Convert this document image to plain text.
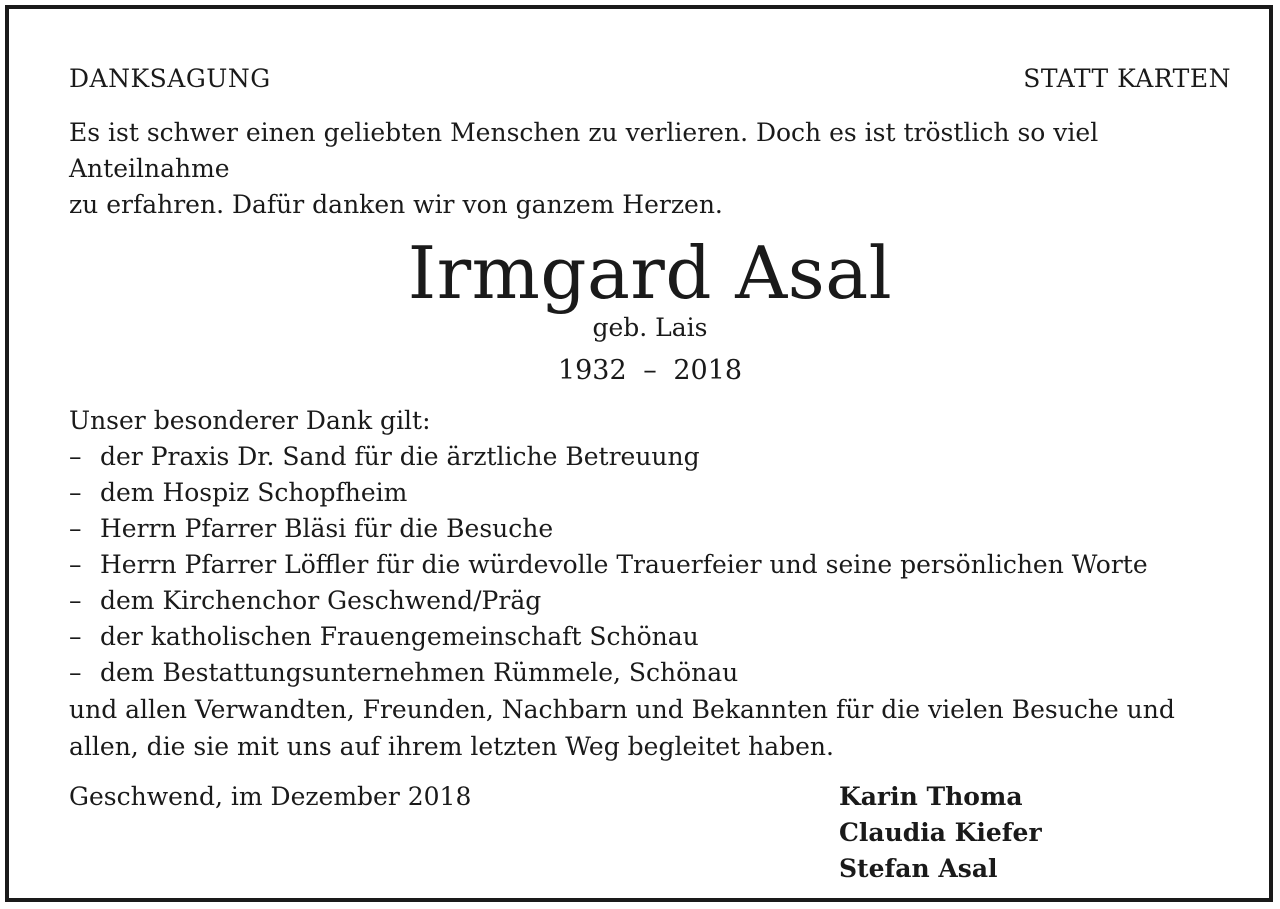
DANKSAGUNG	STATT KARTEN
Es ist schwer einen geliebten Menschen zu verlieren. Doch es ist tröstlich so viel Anteilnahme
zu erfahren. Dafür danken wir von ganzem Herzen.
Irmgard Asal
geb. Lais
1932 – 2018
Unser besonderer Dank gilt:
– der Praxis Dr. Sand für die ärztliche Betreuung
– dem Hospiz Schopfheim
– Herrn Pfarrer Bläsi für die Besuche
– Herrn Pfarrer Löffler für die würdevolle Trauerfeier und seine persönlichen Worte
– dem Kirchenchor Geschwend/Präg
– der katholischen Frauengemeinschaft Schönau
– dem Bestattungsunternehmen Rümmele, Schönau
und allen Verwandten, Freunden, Nachbarn und Bekannten für die vielen Besuche und
allen, die sie mit uns auf ihrem letzten Weg begleitet haben.
Geschwend, im Dezember 2018	Karin Thoma
Claudia Kiefer
Stefan Asal
